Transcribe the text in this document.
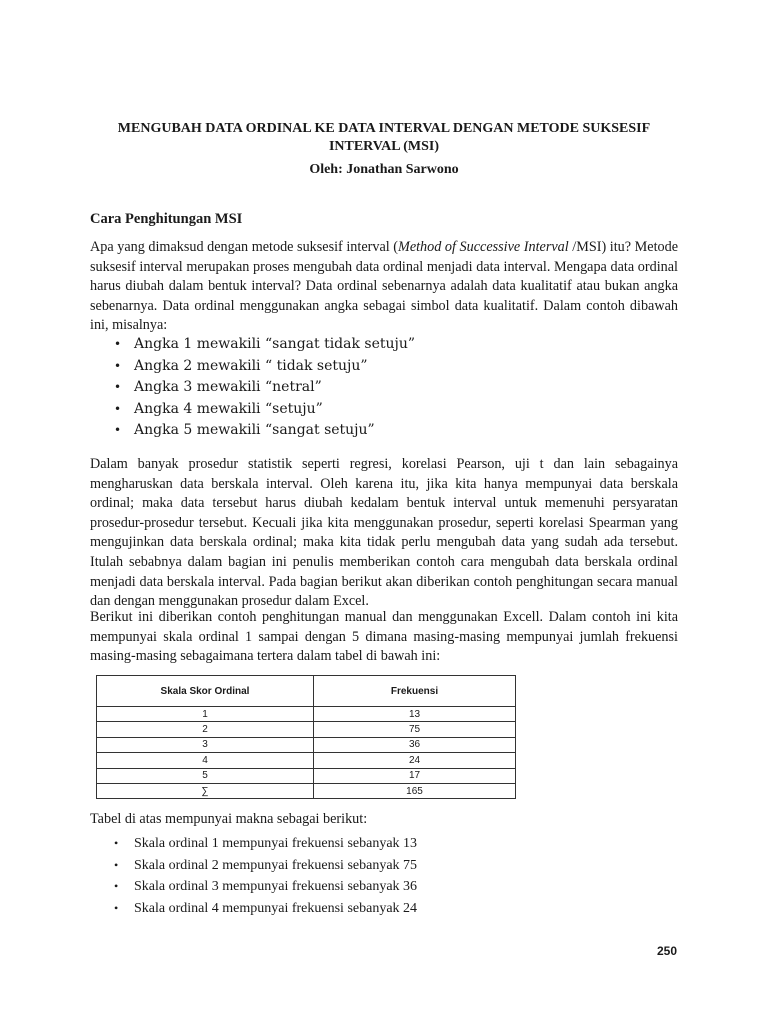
MENGUBAH DATA ORDINAL KE DATA INTERVAL DENGAN METODE SUKSESIF INTERVAL (MSI)
Oleh: Jonathan Sarwono
Cara Penghitungan MSI

Apa yang dimaksud dengan metode suksesif interval (Method of Successive Interval /MSI) itu? Metode suksesif interval merupakan proses mengubah data ordinal menjadi data interval. Mengapa data ordinal harus diubah dalam bentuk interval? Data ordinal sebenarnya adalah data kualitatif atau bukan angka sebenarnya. Data ordinal menggunakan angka sebagai simbol data kualitatif. Dalam contoh dibawah ini, misalnya:

• Angka 1 mewakili “sangat tidak setuju”
• Angka 2 mewakili “ tidak setuju”
• Angka 3 mewakili “netral”
• Angka 4 mewakili “setuju”
• Angka 5 mewakili “sangat setuju”

Dalam banyak prosedur statistik seperti regresi, korelasi Pearson, uji t dan lain sebagainya mengharuskan data berskala interval. Oleh karena itu, jika kita hanya mempunyai data berskala ordinal; maka data tersebut harus diubah kedalam bentuk interval untuk memenuhi persyaratan prosedur-prosedur tersebut. Kecuali jika kita menggunakan prosedur, seperti korelasi Spearman yang mengujinkan data berskala ordinal; maka kita tidak perlu mengubah data yang sudah ada tersebut. Itulah sebabnya dalam bagian ini penulis memberikan contoh cara mengubah data berskala ordinal menjadi data berskala interval. Pada bagian berikut akan diberikan contoh penghitungan secara manual dan dengan menggunakan prosedur dalam Excel.

Berikut ini diberikan contoh penghitungan manual dan menggunakan Excell. Dalam contoh ini kita mempunyai skala ordinal 1 sampai dengan 5 dimana masing-masing mempunyai jumlah frekuensi masing-masing sebagaimana tertera dalam tabel di bawah ini:

Skala Skor Ordinal	Frekuensi
1	13
2	75
3	36
4	24
5	17
∑	165

Tabel di atas mempunyai makna sebagai berikut:

• Skala ordinal 1 mempunyai frekuensi sebanyak 13
• Skala ordinal 2 mempunyai frekuensi sebanyak 75
• Skala ordinal 3 mempunyai frekuensi sebanyak 36
• Skala ordinal 4 mempunyai frekuensi sebanyak 24
250
